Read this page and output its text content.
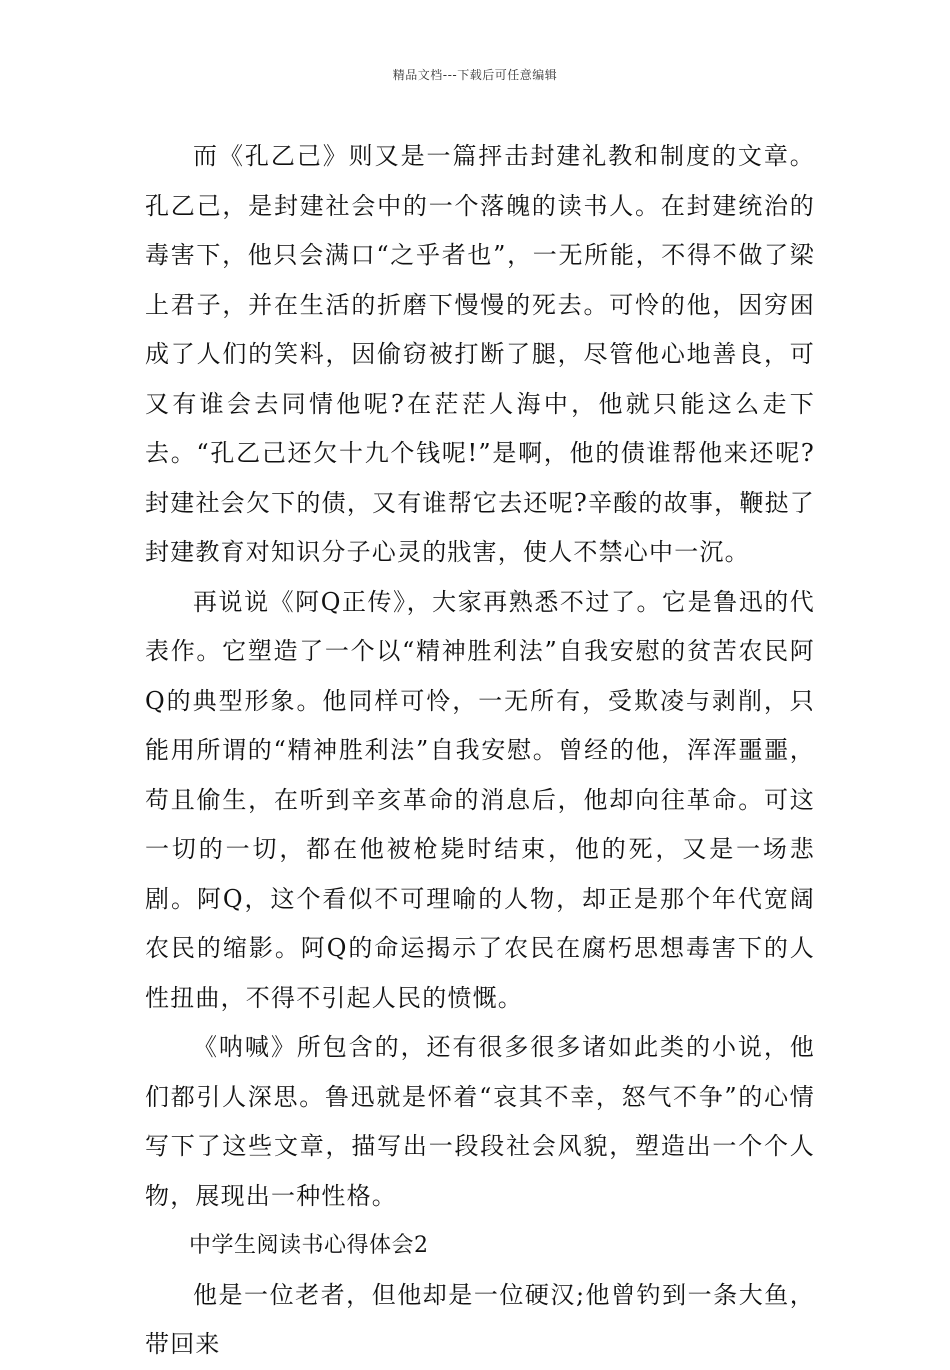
精品文档---下载后可任意编辑

而《孔乙己》则又是一篇抨击封建礼教和制度的文章。孔乙己，是封建社会中的一个落魄的读书人。在封建统治的毒害下，他只会满口“之乎者也”，一无所能，不得不做了梁上君子，并在生活的折磨下慢慢的死去。可怜的他，因穷困成了人们的笑料，因偷窃被打断了腿，尽管他心地善良，可又有谁会去同情他呢?在茫茫人海中，他就只能这么走下去。“孔乙己还欠十九个钱呢!”是啊，他的债谁帮他来还呢?封建社会欠下的债，又有谁帮它去还呢?辛酸的故事，鞭挞了封建教育对知识分子心灵的戕害，使人不禁心中一沉。

再说说《阿Q正传》，大家再熟悉不过了。它是鲁迅的代表作。它塑造了一个以“精神胜利法”自我安慰的贫苦农民阿Q的典型形象。他同样可怜，一无所有，受欺凌与剥削，只能用所谓的“精神胜利法”自我安慰。曾经的他，浑浑噩噩，苟且偷生，在听到辛亥革命的消息后，他却向往革命。可这一切的一切，都在他被枪毙时结束，他的死，又是一场悲剧。阿Q，这个看似不可理喻的人物，却正是那个年代宽阔农民的缩影。阿Q的命运揭示了农民在腐朽思想毒害下的人性扭曲，不得不引起人民的愤慨。

《呐喊》所包含的，还有很多很多诸如此类的小说，他们都引人深思。鲁迅就是怀着“哀其不幸，怒气不争”的心情写下了这些文章，描写出一段段社会风貌，塑造出一个个人物，展现出一种性格。

中学生阅读书心得体会2

他是一位老者，但他却是一位硬汉;他曾钓到一条大鱼，带回来
